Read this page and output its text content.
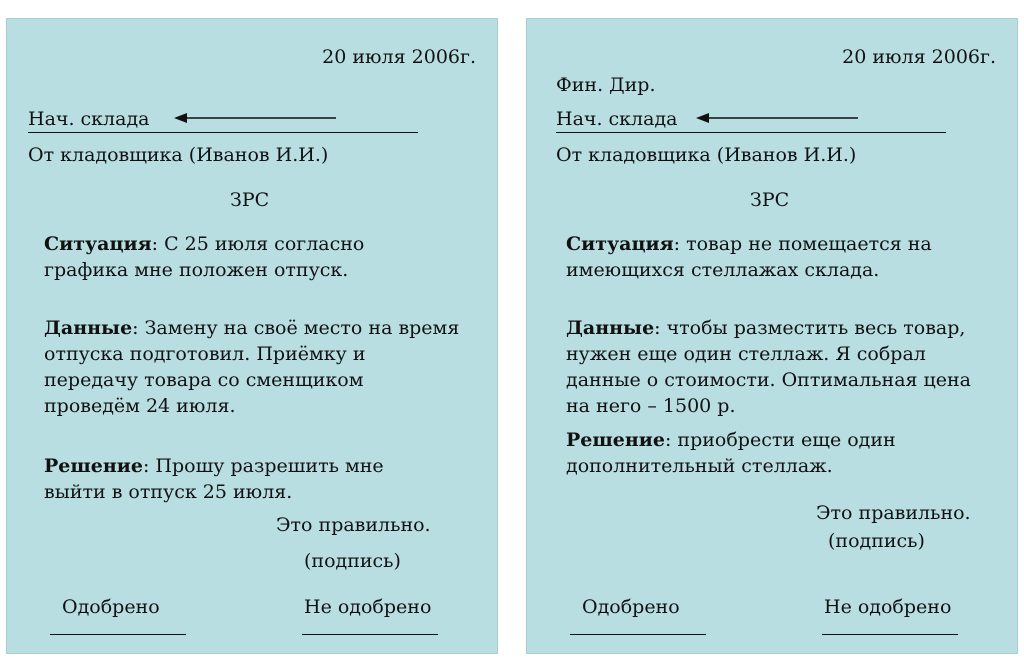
20 июля 2006г.
Нач. склада
От кладовщика (Иванов И.И.)
ЗРС
Ситуация: С 25 июля согласно
графика мне положен отпуск.
Данные: Замену на своё место на время
отпуска подготовил. Приёмку и
передачу товара со сменщиком
проведём 24 июля.
Решение: Прошу разрешить мне
выйти в отпуск 25 июля.
Это правильно.
(подпись)
Одобрено	Не одобрено
20 июля 2006г.
Фин. Дир.
Нач. склада
От кладовщика (Иванов И.И.)
ЗРС
Ситуация: товар не помещается на
имеющихся стеллажах склада.
Данные: чтобы разместить весь товар,
нужен еще один стеллаж. Я собрал
данные о стоимости. Оптимальная цена
на него – 1500 р.
Решение: приобрести еще один
дополнительный стеллаж.
Это правильно.
(подпись)
Одобрено	Не одобрено
